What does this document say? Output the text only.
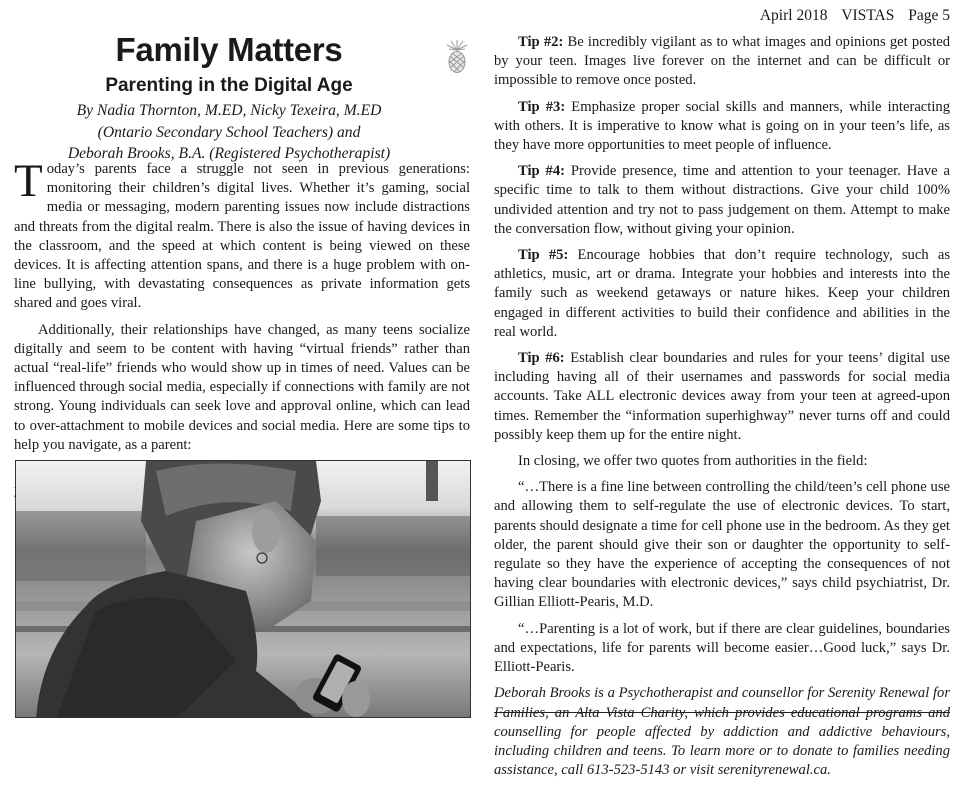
Family Matters
Parenting in the Digital Age
By Nadia Thornton, M.ED, Nicky Texeira, M.ED
(Ontario Secondary School Teachers) and
Deborah Brooks, B.A. (Registered Psychotherapist)

Today’s parents face a struggle not seen in previous generations: monitoring their children’s digital lives. Whether it’s gaming, social media or messaging, modern parenting issues now include distractions and threats from the digital realm. There is also the issue of having devices in the classroom, and the speed at which content is being viewed on these devices. It is affecting attention spans, and there is a huge problem with on-line bullying, with devastating consequences as private information gets shared and goes viral.

Additionally, their relationships have changed, as many teens socialize digitally and seem to be content with having “virtual friends” rather than actual “real-life” friends who would show up in times of need. Values can be influenced through social media, especially if connections with family are not strong. Young individuals can seek love and approval online, which can lead to over-attachment to mobile devices and social media. Here are some tips to help you navigate, as a parent:

Apirl 2018 VISTAS Page 5

Tip #2: Be incredibly vigilant as to what images and opinions get posted by your teen. Images live forever on the internet and can be difficult or impossible to remove once posted.

Tip #3: Emphasize proper social skills and manners, while interacting with others. It is imperative to know what is going on in your teen’s life, as they have more opportunities to meet people of influence.

Tip #4: Provide presence, time and attention to your teenager. Have a specific time to talk to them without distractions. Give your child 100% undivided attention and try not to pass judgement on them. Attempt to make the conversation flow, without giving your opinion.

Tip #5: Encourage hobbies that don’t require technology, such as athletics, music, art or drama. Integrate your hobbies and interests into the family such as weekend getaways or nature hikes. Keep your children engaged in different activities to build their confidence and abilities in the real world.

Tip #6: Establish clear boundaries and rules for your teens’ digital use including having all of their usernames and passwords for social media accounts. Take ALL electronic devices away from your teen at agreed-upon times. Remember the “information superhighway” never turns off and could possibly keep them up for the entire night.

In closing, we offer two quotes from authorities in the field:

“…There is a fine line between controlling the child/teen’s cell phone use and allowing them to self-regulate the use of electronic devices. To start, parents should designate a time for cell phone use in the bedroom. As they get older, the parent should give their son or daughter the opportunity to self-regulate so they have the experience of accepting the consequences of not having clear boundaries with electronic devices,” says child psychiatrist, Dr. Gillian Elliott-Pearis, M.D.

“…Parenting is a lot of work, but if there are clear guidelines, boundaries and expectations, life for parents will become easier…Good luck,” says Dr. Elliott-Pearis.

Deborah Brooks is a Psychotherapist and counsellor for Serenity Renewal for Families, an Alta Vista Charity, which provides educational programs and counselling for people affected by addiction and addictive behaviours, including children and teens. To learn more or to donate to families needing assistance, call 613-523-5143 or visit serenityrenewal.ca.
